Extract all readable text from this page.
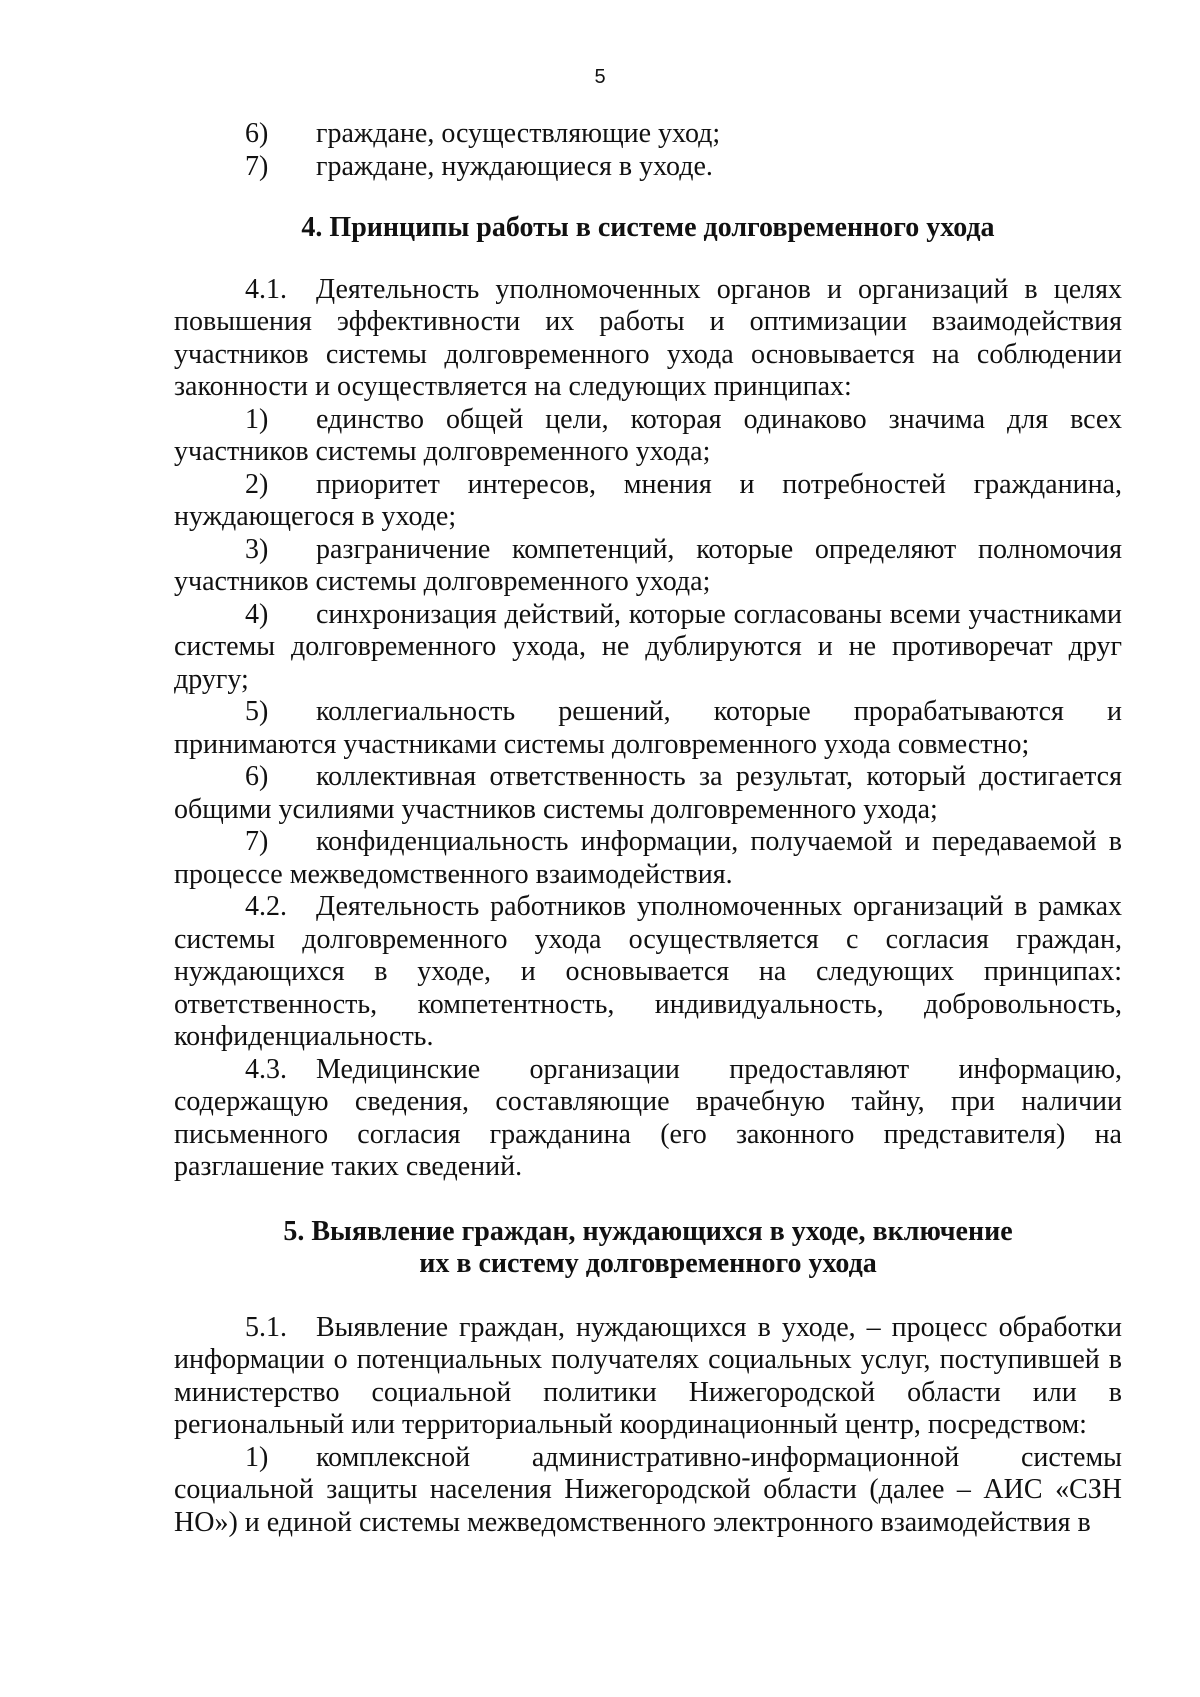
5

6) граждане, осуществляющие уход;

7) граждане, нуждающиеся в уходе.

4. Принципы работы в системе долговременного ухода

4.1. Деятельность уполномоченных органов и организаций в целях повышения эффективности их работы и оптимизации взаимодействия участников системы долговременного ухода основывается на соблюдении законности и осуществляется на следующих принципах:

1) единство общей цели, которая одинаково значима для всех участников системы долговременного ухода;

2) приоритет интересов, мнения и потребностей гражданина, нуждающегося в уходе;

3) разграничение компетенций, которые определяют полномочия участников системы долговременного ухода;

4) синхронизация действий, которые согласованы всеми участниками системы долговременного ухода, не дублируются и не противоречат друг другу;

5) коллегиальность решений, которые прорабатываются и принимаются участниками системы долговременного ухода совместно;

6) коллективная ответственность за результат, который достигается общими усилиями участников системы долговременного ухода;

7) конфиденциальность информации, получаемой и передаваемой в процессе межведомственного взаимодействия.

4.2. Деятельность работников уполномоченных организаций в рамках системы долговременного ухода осуществляется с согласия граждан, нуждающихся в уходе, и основывается на следующих принципах: ответственность, компетентность, индивидуальность, добровольность, конфиденциальность.

4.3. Медицинские организации предоставляют информацию, содержащую сведения, составляющие врачебную тайну, при наличии письменного согласия гражданина (его законного представителя) на разглашение таких сведений.

5. Выявление граждан, нуждающихся в уходе, включение
их в систему долговременного ухода

5.1. Выявление граждан, нуждающихся в уходе, – процесс обработки информации о потенциальных получателях социальных услуг, поступившей в министерство социальной политики Нижегородской области или в региональный или территориальный координационный центр, посредством:

1) комплексной административно-информационной системы социальной защиты населения Нижегородской области (далее – АИС «СЗН НО») и единой системы межведомственного электронного взаимодействия в
